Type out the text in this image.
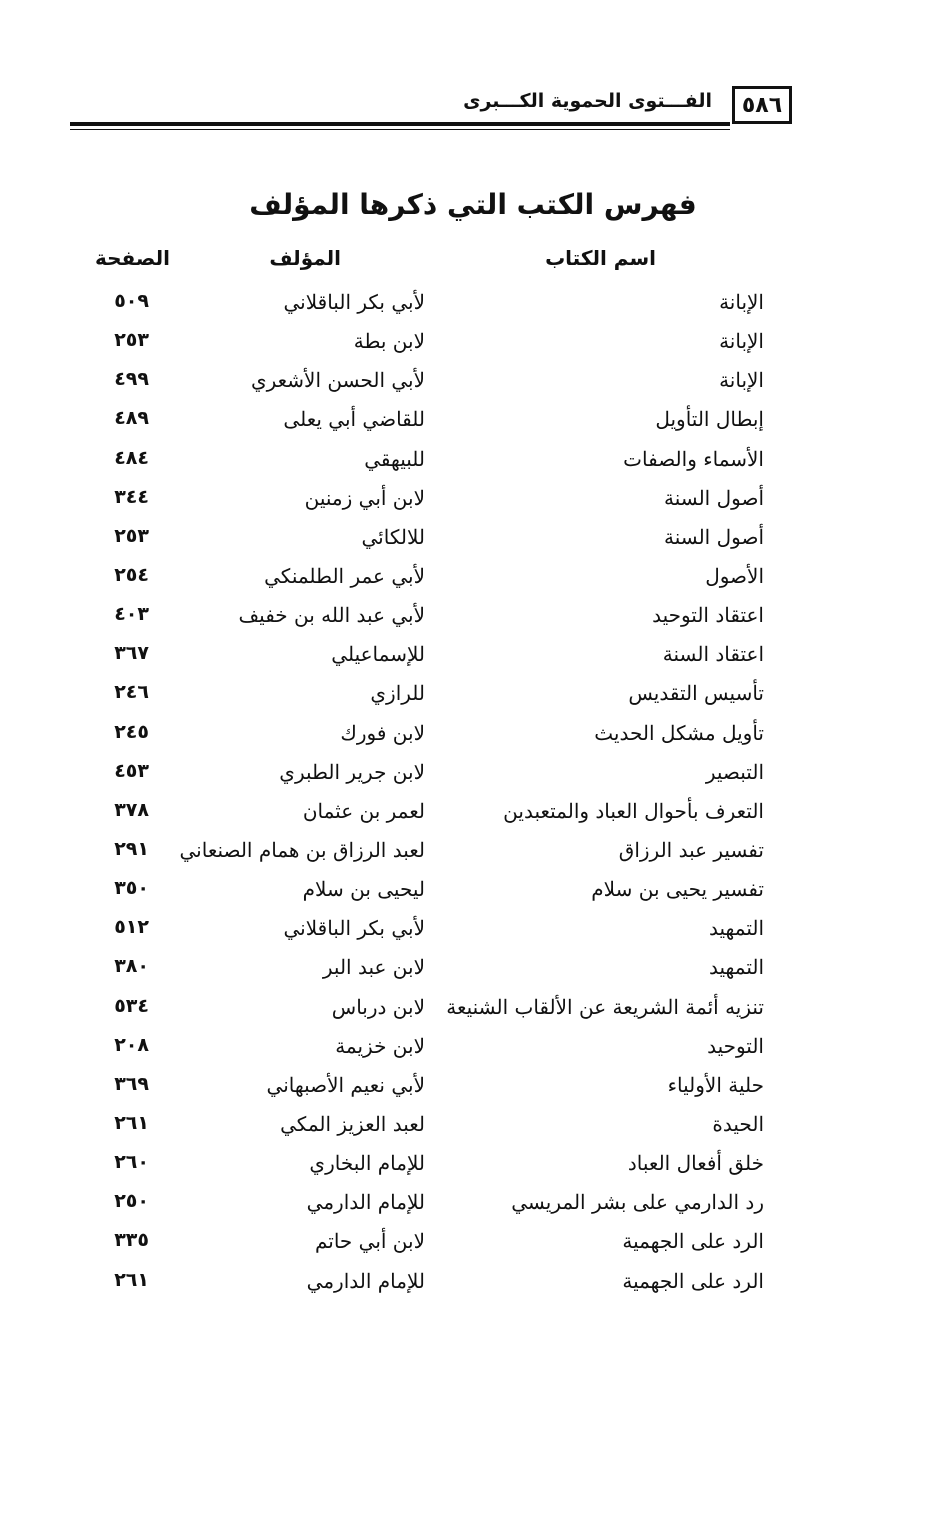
٥٨٦
الفـــتوى الحموية الكـــبرى
فهرس الكتب التي ذكرها المؤلف
اسم الكتاب
المؤلف
الصفحة
الإبانة
لأبي بكر الباقلاني
٥٠٩
الإبانة
لابن بطة
٢٥٣
الإبانة
لأبي الحسن الأشعري
٤٩٩
إبطال التأويل
للقاضي أبي يعلى
٤٨٩
الأسماء والصفات
للبيهقي
٤٨٤
أصول السنة
لابن أبي زمنين
٣٤٤
أصول السنة
للالكائي
٢٥٣
الأصول
لأبي عمر الطلمنكي
٢٥٤
اعتقاد التوحيد
لأبي عبد الله بن خفيف
٤٠٣
اعتقاد السنة
للإسماعيلي
٣٦٧
تأسيس التقديس
للرازي
٢٤٦
تأويل مشكل الحديث
لابن فورك
٢٤٥
التبصير
لابن جرير الطبري
٤٥٣
التعرف بأحوال العباد والمتعبدين
لعمر بن عثمان
٣٧٨
تفسير عبد الرزاق
لعبد الرزاق بن همام الصنعاني
٢٩١
تفسير يحيى بن سلام
ليحيى بن سلام
٣٥٠
التمهيد
لأبي بكر الباقلاني
٥١٢
التمهيد
لابن عبد البر
٣٨٠
تنزيه أئمة الشريعة عن الألقاب الشنيعة
لابن درباس
٥٣٤
التوحيد
لابن خزيمة
٢٠٨
حلية الأولياء
لأبي نعيم الأصبهاني
٣٦٩
الحيدة
لعبد العزيز المكي
٢٦١
خلق أفعال العباد
للإمام البخاري
٢٦٠
رد الدارمي على بشر المريسي
للإمام الدارمي
٢٥٠
الرد على الجهمية
لابن أبي حاتم
٣٣٥
الرد على الجهمية
للإمام الدارمي
٢٦١
